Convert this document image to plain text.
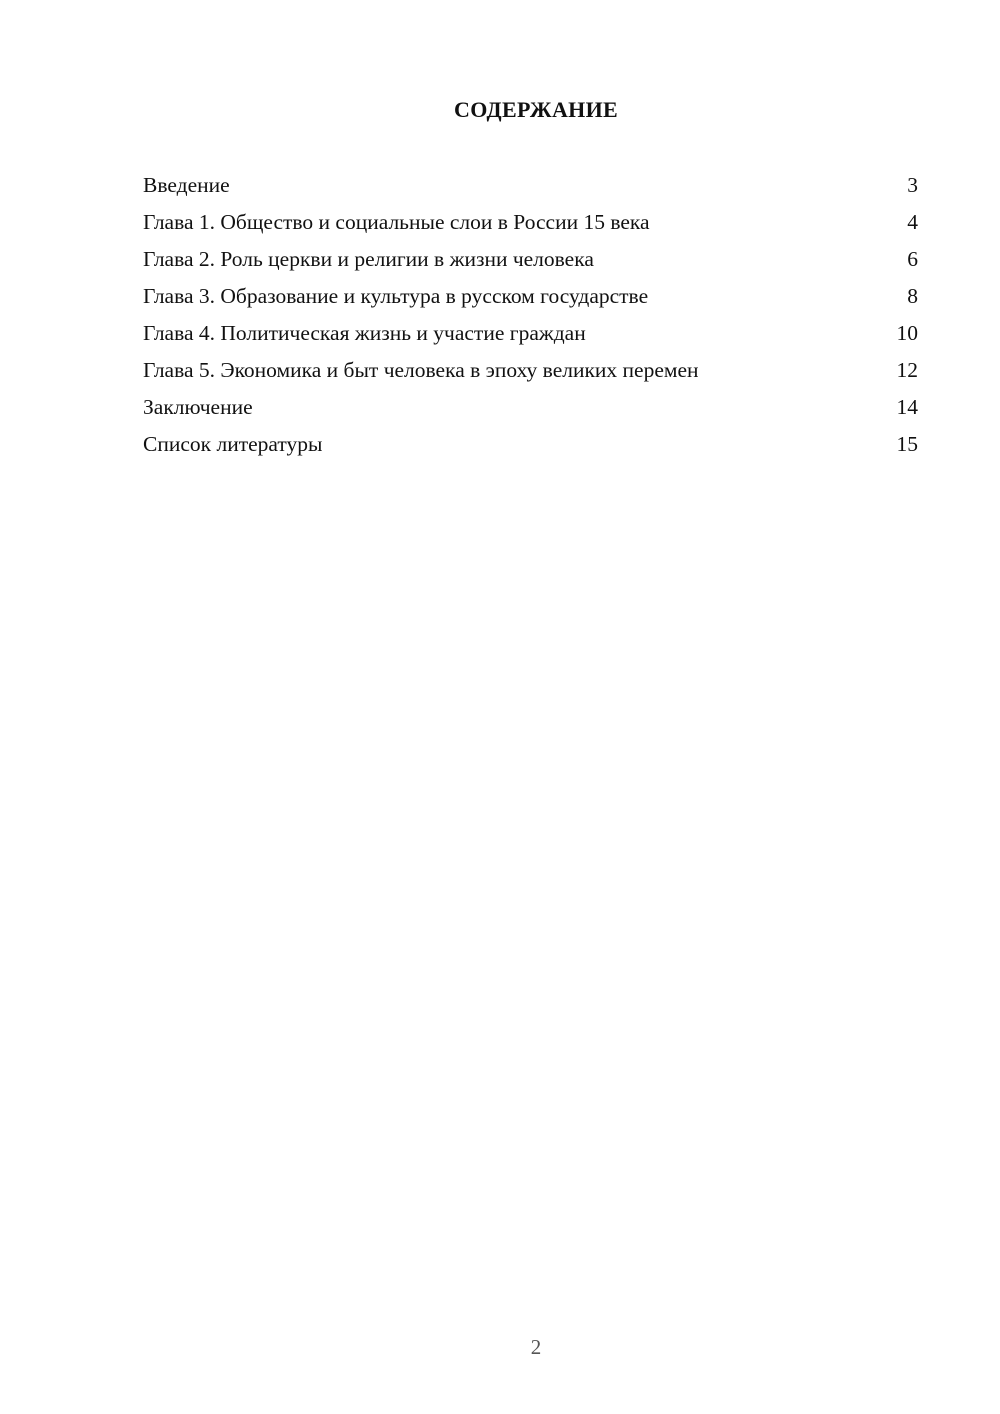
СОДЕРЖАНИЕ
Введение	3
Глава 1. Общество и социальные слои в России 15 века	4
Глава 2. Роль церкви и религии в жизни человека	6
Глава 3. Образование и культура в русском государстве	8
Глава 4. Политическая жизнь и участие граждан	10
Глава 5. Экономика и быт человека в эпоху великих перемен	12
Заключение	14
Список литературы	15
2
